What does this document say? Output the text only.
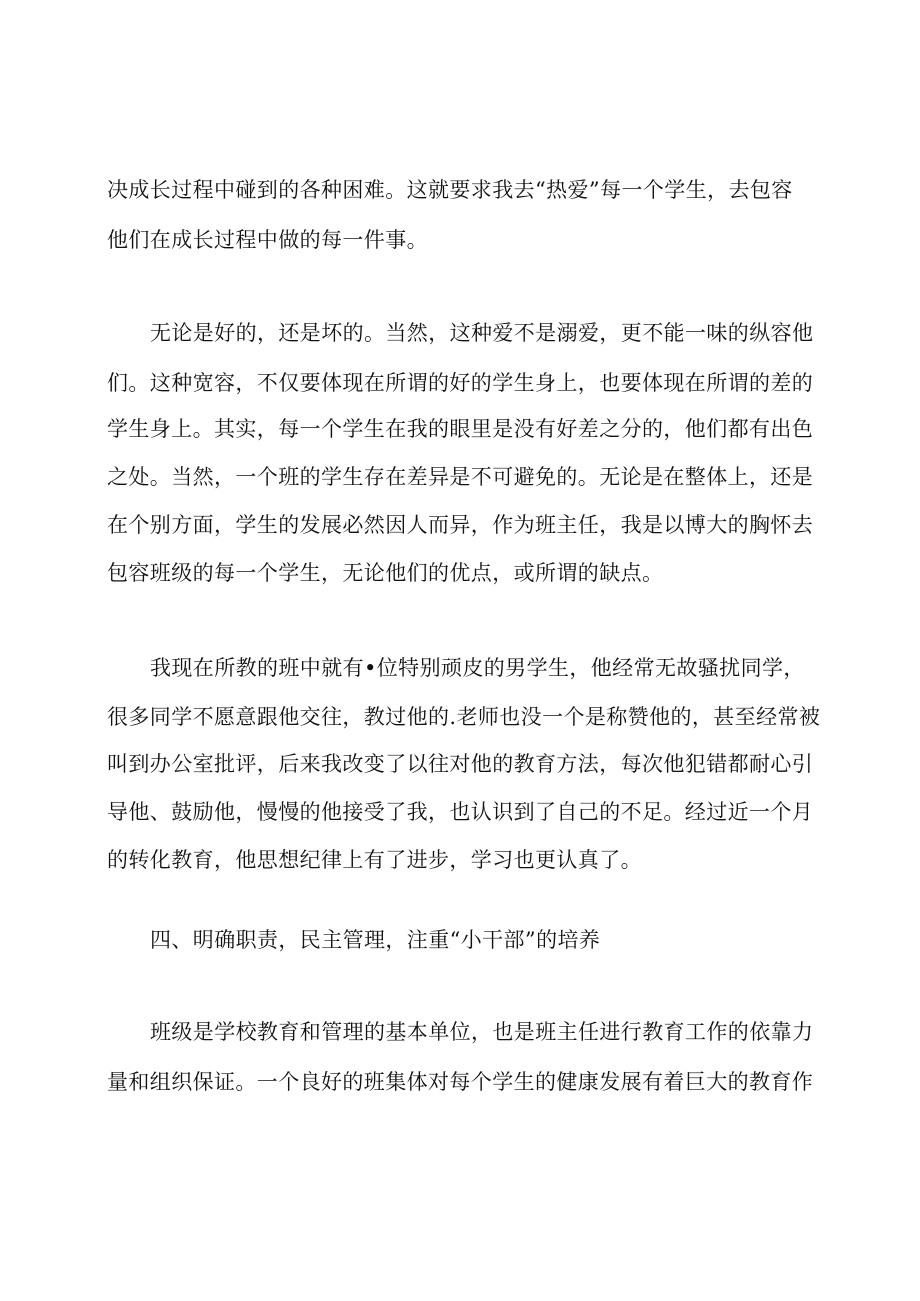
决成长过程中碰到的各种困难。这就要求我去“热爱”每一个学生，去包容
他们在成长过程中做的每一件事。
无论是好的，还是坏的。当然，这种爱不是溺爱，更不能一味的纵容他
们。这种宽容，不仅要体现在所谓的好的学生身上，也要体现在所谓的差的
学生身上。其实，每一个学生在我的眼里是没有好差之分的，他们都有出色
之处。当然，一个班的学生存在差异是不可避免的。无论是在整体上，还是
在个别方面，学生的发展必然因人而异，作为班主任，我是以博大的胸怀去
包容班级的每一个学生，无论他们的优点，或所谓的缺点。
我现在所教的班中就有•位特别顽皮的男学生，他经常无故骚扰同学，
很多同学不愿意跟他交往，教过他的.老师也没一个是称赞他的，甚至经常被
叫到办公室批评，后来我改变了以往对他的教育方法，每次他犯错都耐心引
导他、鼓励他，慢慢的他接受了我，也认识到了自己的不足。经过近一个月
的转化教育，他思想纪律上有了进步，学习也更认真了。
四、明确职责，民主管理，注重“小干部”的培养
班级是学校教育和管理的基本单位，也是班主任进行教育工作的依靠力
量和组织保证。一个良好的班集体对每个学生的健康发展有着巨大的教育作
